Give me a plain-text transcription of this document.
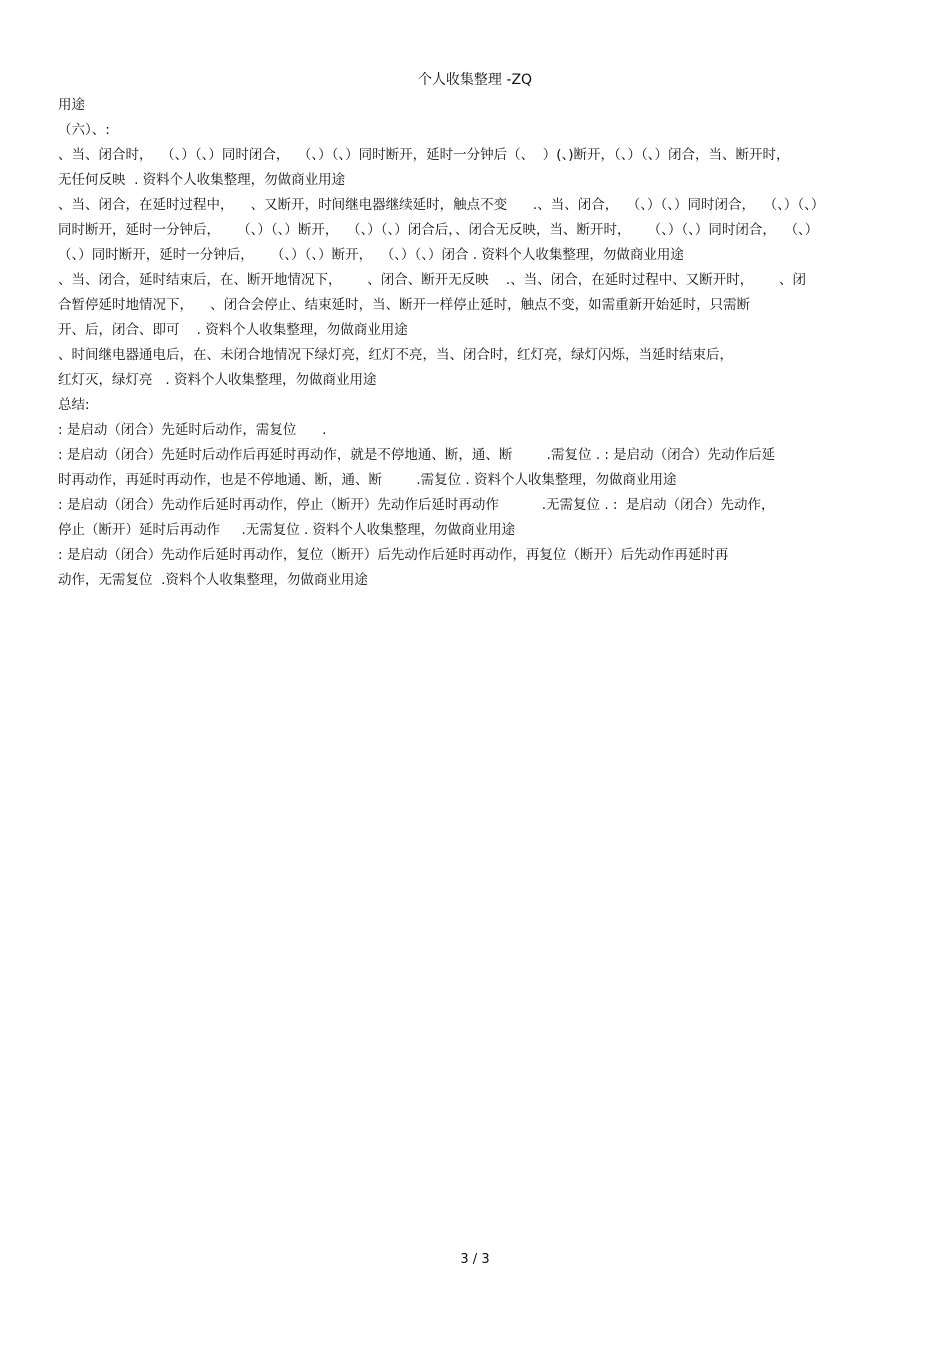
个人收集整理 -ZQ
用途
（六）、:
、当、闭合时，  （、）（、）同时闭合，  （、）（、）同时断开，延时一分钟后（、  ）(、)断开，（、）（、）闭合，当、断开时，
无任何反映  . 资料个人收集整理，勿做商业用途
、当、闭合，在延时过程中，    、又断开，时间继电器继续延时，触点不变      .、当、闭合，  （、）（、）同时闭合，  （、）（、）
同时断开，延时一分钟后，    （、）（、）断开，  （、）（、）闭合后，、闭合无反映，当、断开时，    （、）（、）同时闭合，  （、）
（、）同时断开，延时一分钟后，    （、）（、）断开，  （、）（、）闭合 . 资料个人收集整理，勿做商业用途
、当、闭合，延时结束后，在、断开地情况下，      、闭合、断开无反映    .、当、闭合，在延时过程中、又断开时，      、闭
合暂停延时地情况下，    、闭合会停止、结束延时，当、断开一样停止延时，触点不变，如需重新开始延时，只需断
开、后，闭合、即可    . 资料个人收集整理，勿做商业用途
、时间继电器通电后，在、未闭合地情况下绿灯亮，红灯不亮，当、闭合时，红灯亮，绿灯闪烁，当延时结束后，
红灯灭，绿灯亮   . 资料个人收集整理，勿做商业用途
总结:
: 是启动（闭合）先延时后动作，需复位      .
: 是启动（闭合）先延时后动作后再延时再动作，就是不停地通、断，通、断        .需复位 . : 是启动（闭合）先动作后延
时再动作，再延时再动作，也是不停地通、断，通、断        .需复位 . 资料个人收集整理，勿做商业用途
: 是启动（闭合）先动作后延时再动作，停止（断开）先动作后延时再动作          .无需复位 . :  是启动（闭合）先动作，
停止（断开）延时后再动作     .无需复位 . 资料个人收集整理，勿做商业用途
: 是启动（闭合）先动作后延时再动作，复位（断开）后先动作后延时再动作，再复位（断开）后先动作再延时再
动作，无需复位  .资料个人收集整理，勿做商业用途
3 / 3
